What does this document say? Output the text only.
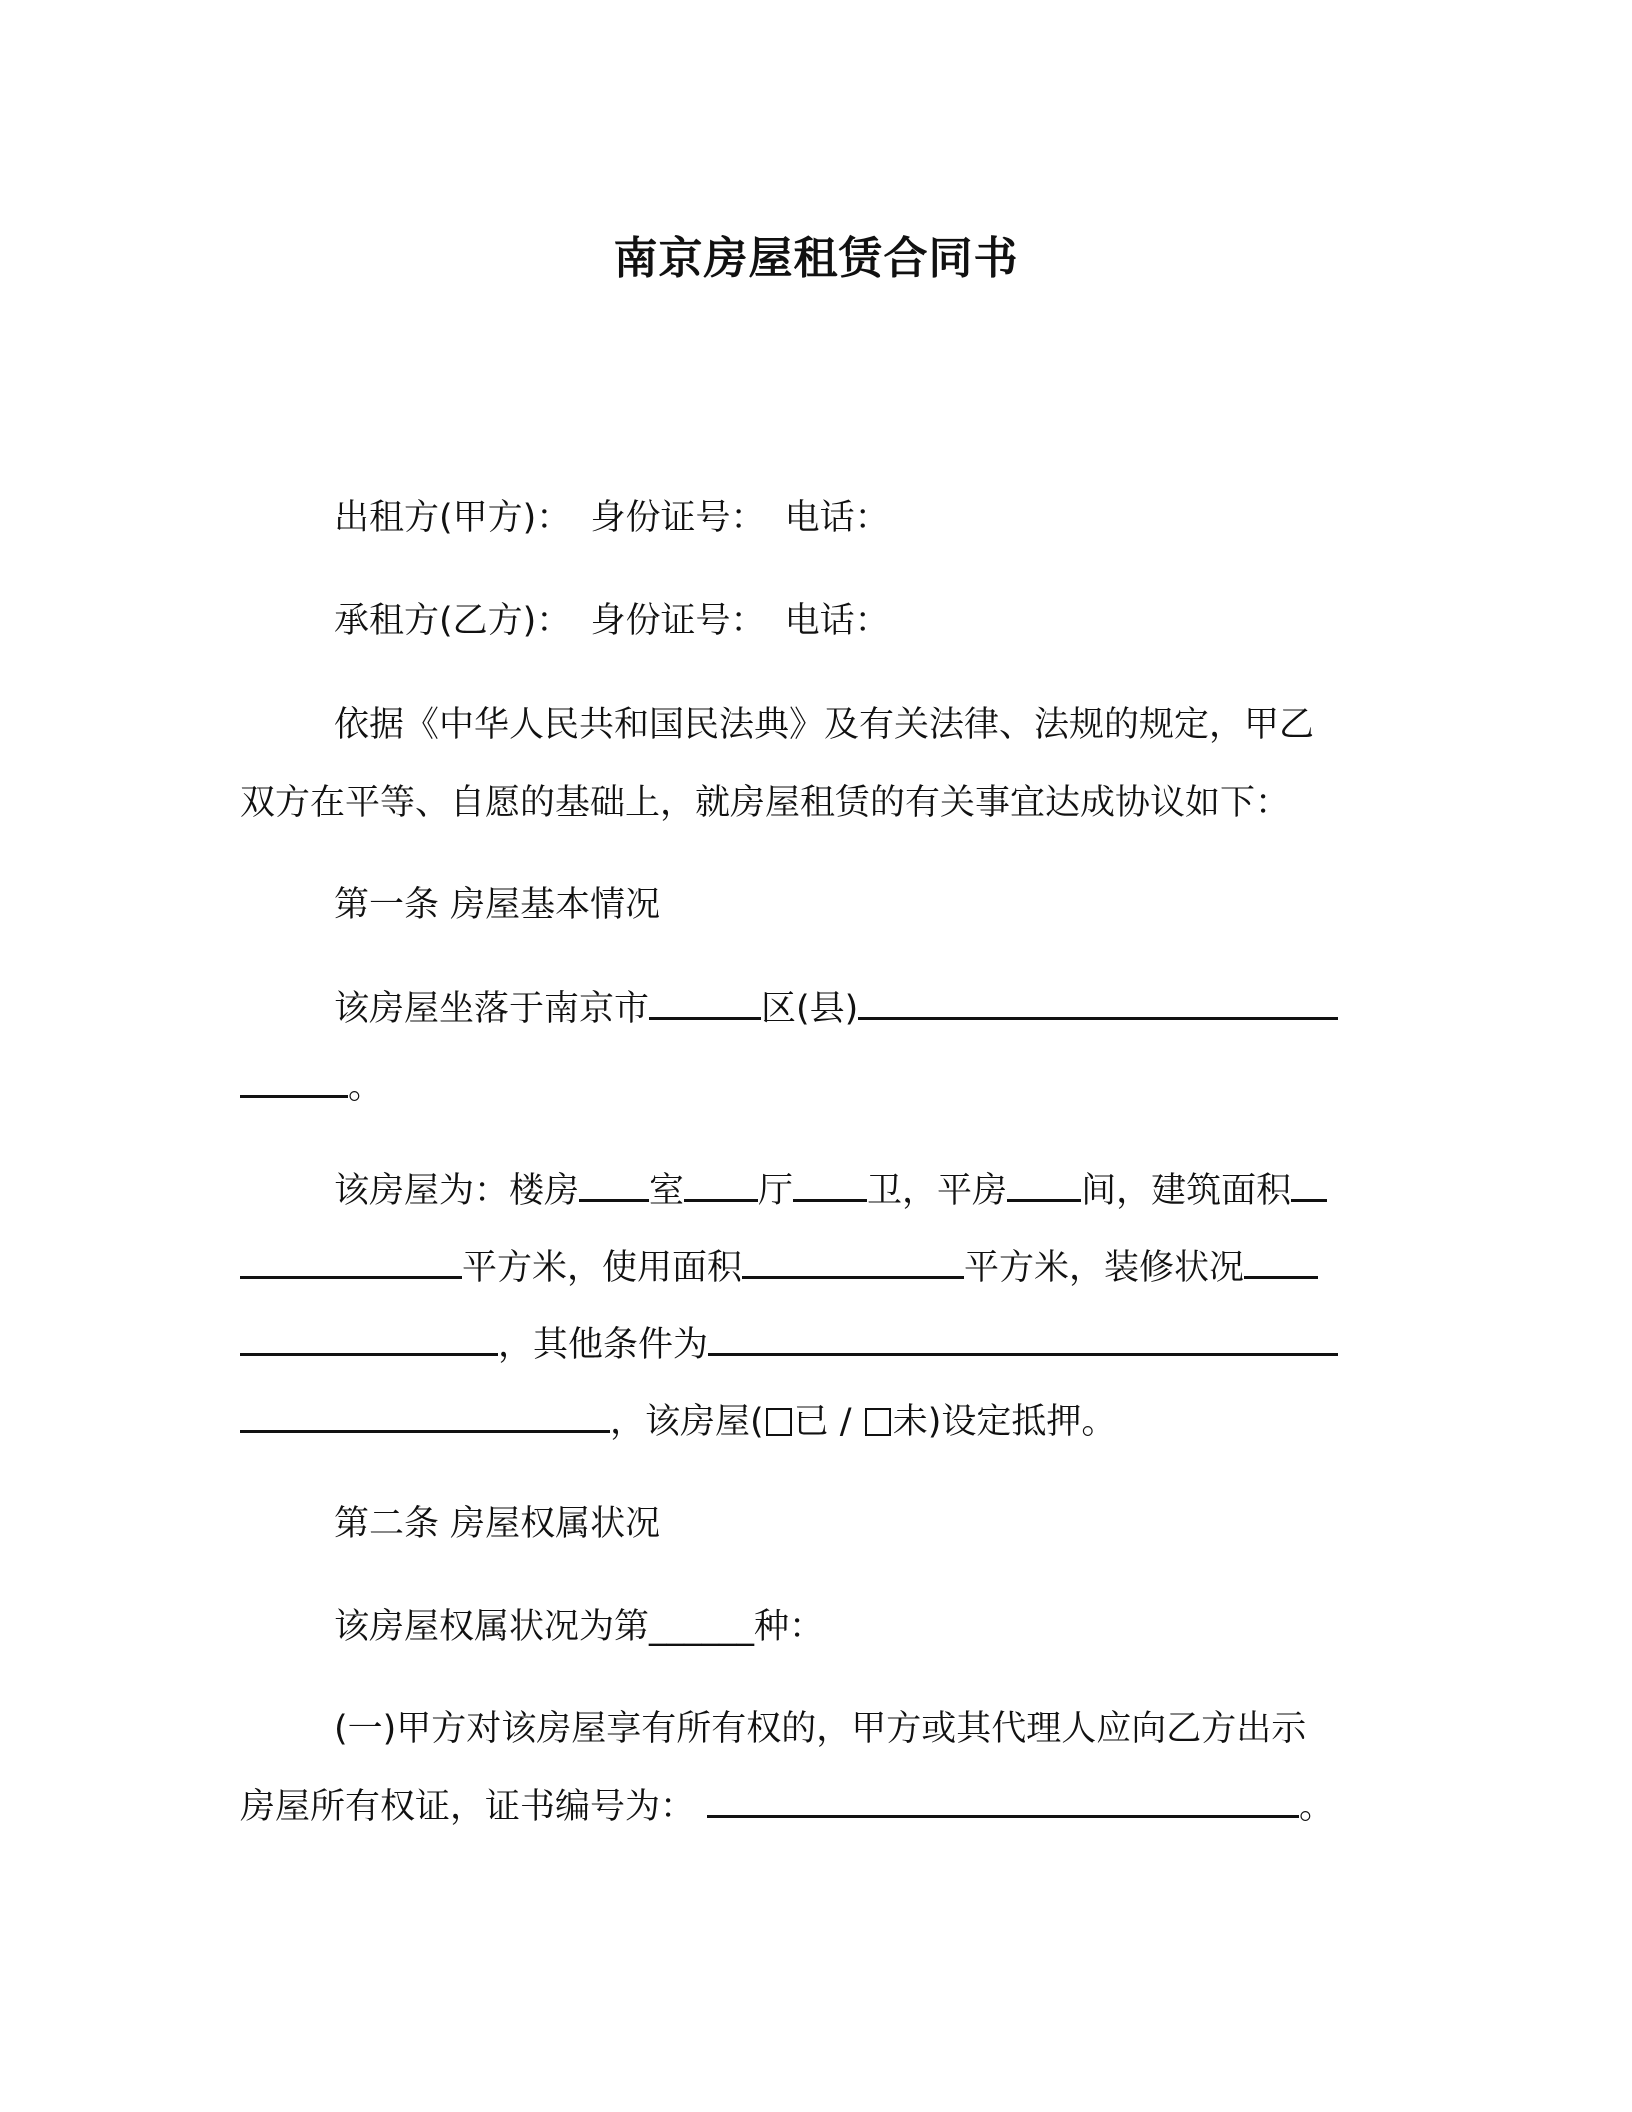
南京房屋租赁合同书
出租方(甲方)： 身份证号： 电话：
承租方(乙方)： 身份证号： 电话：
依据《中华人民共和国民法典》及有关法律、法规的规定，甲乙
双方在平等、自愿的基础上，就房屋租赁的有关事宜达成协议如下：
第一条 房屋基本情况
该房屋坐落于南京市	区(县)
。
该房屋为：楼房 室 厅 卫，平房 间，建筑面积
平方米，使用面积	平方米，装修状况
，其他条件为
，该房屋( 已 / 未)设定抵押。
第二条 房屋权属状况
该房屋权属状况为第______种：
(一)甲方对该房屋享有所有权的，甲方或其代理人应向乙方出示
房屋所有权证，证书编号为：	。
